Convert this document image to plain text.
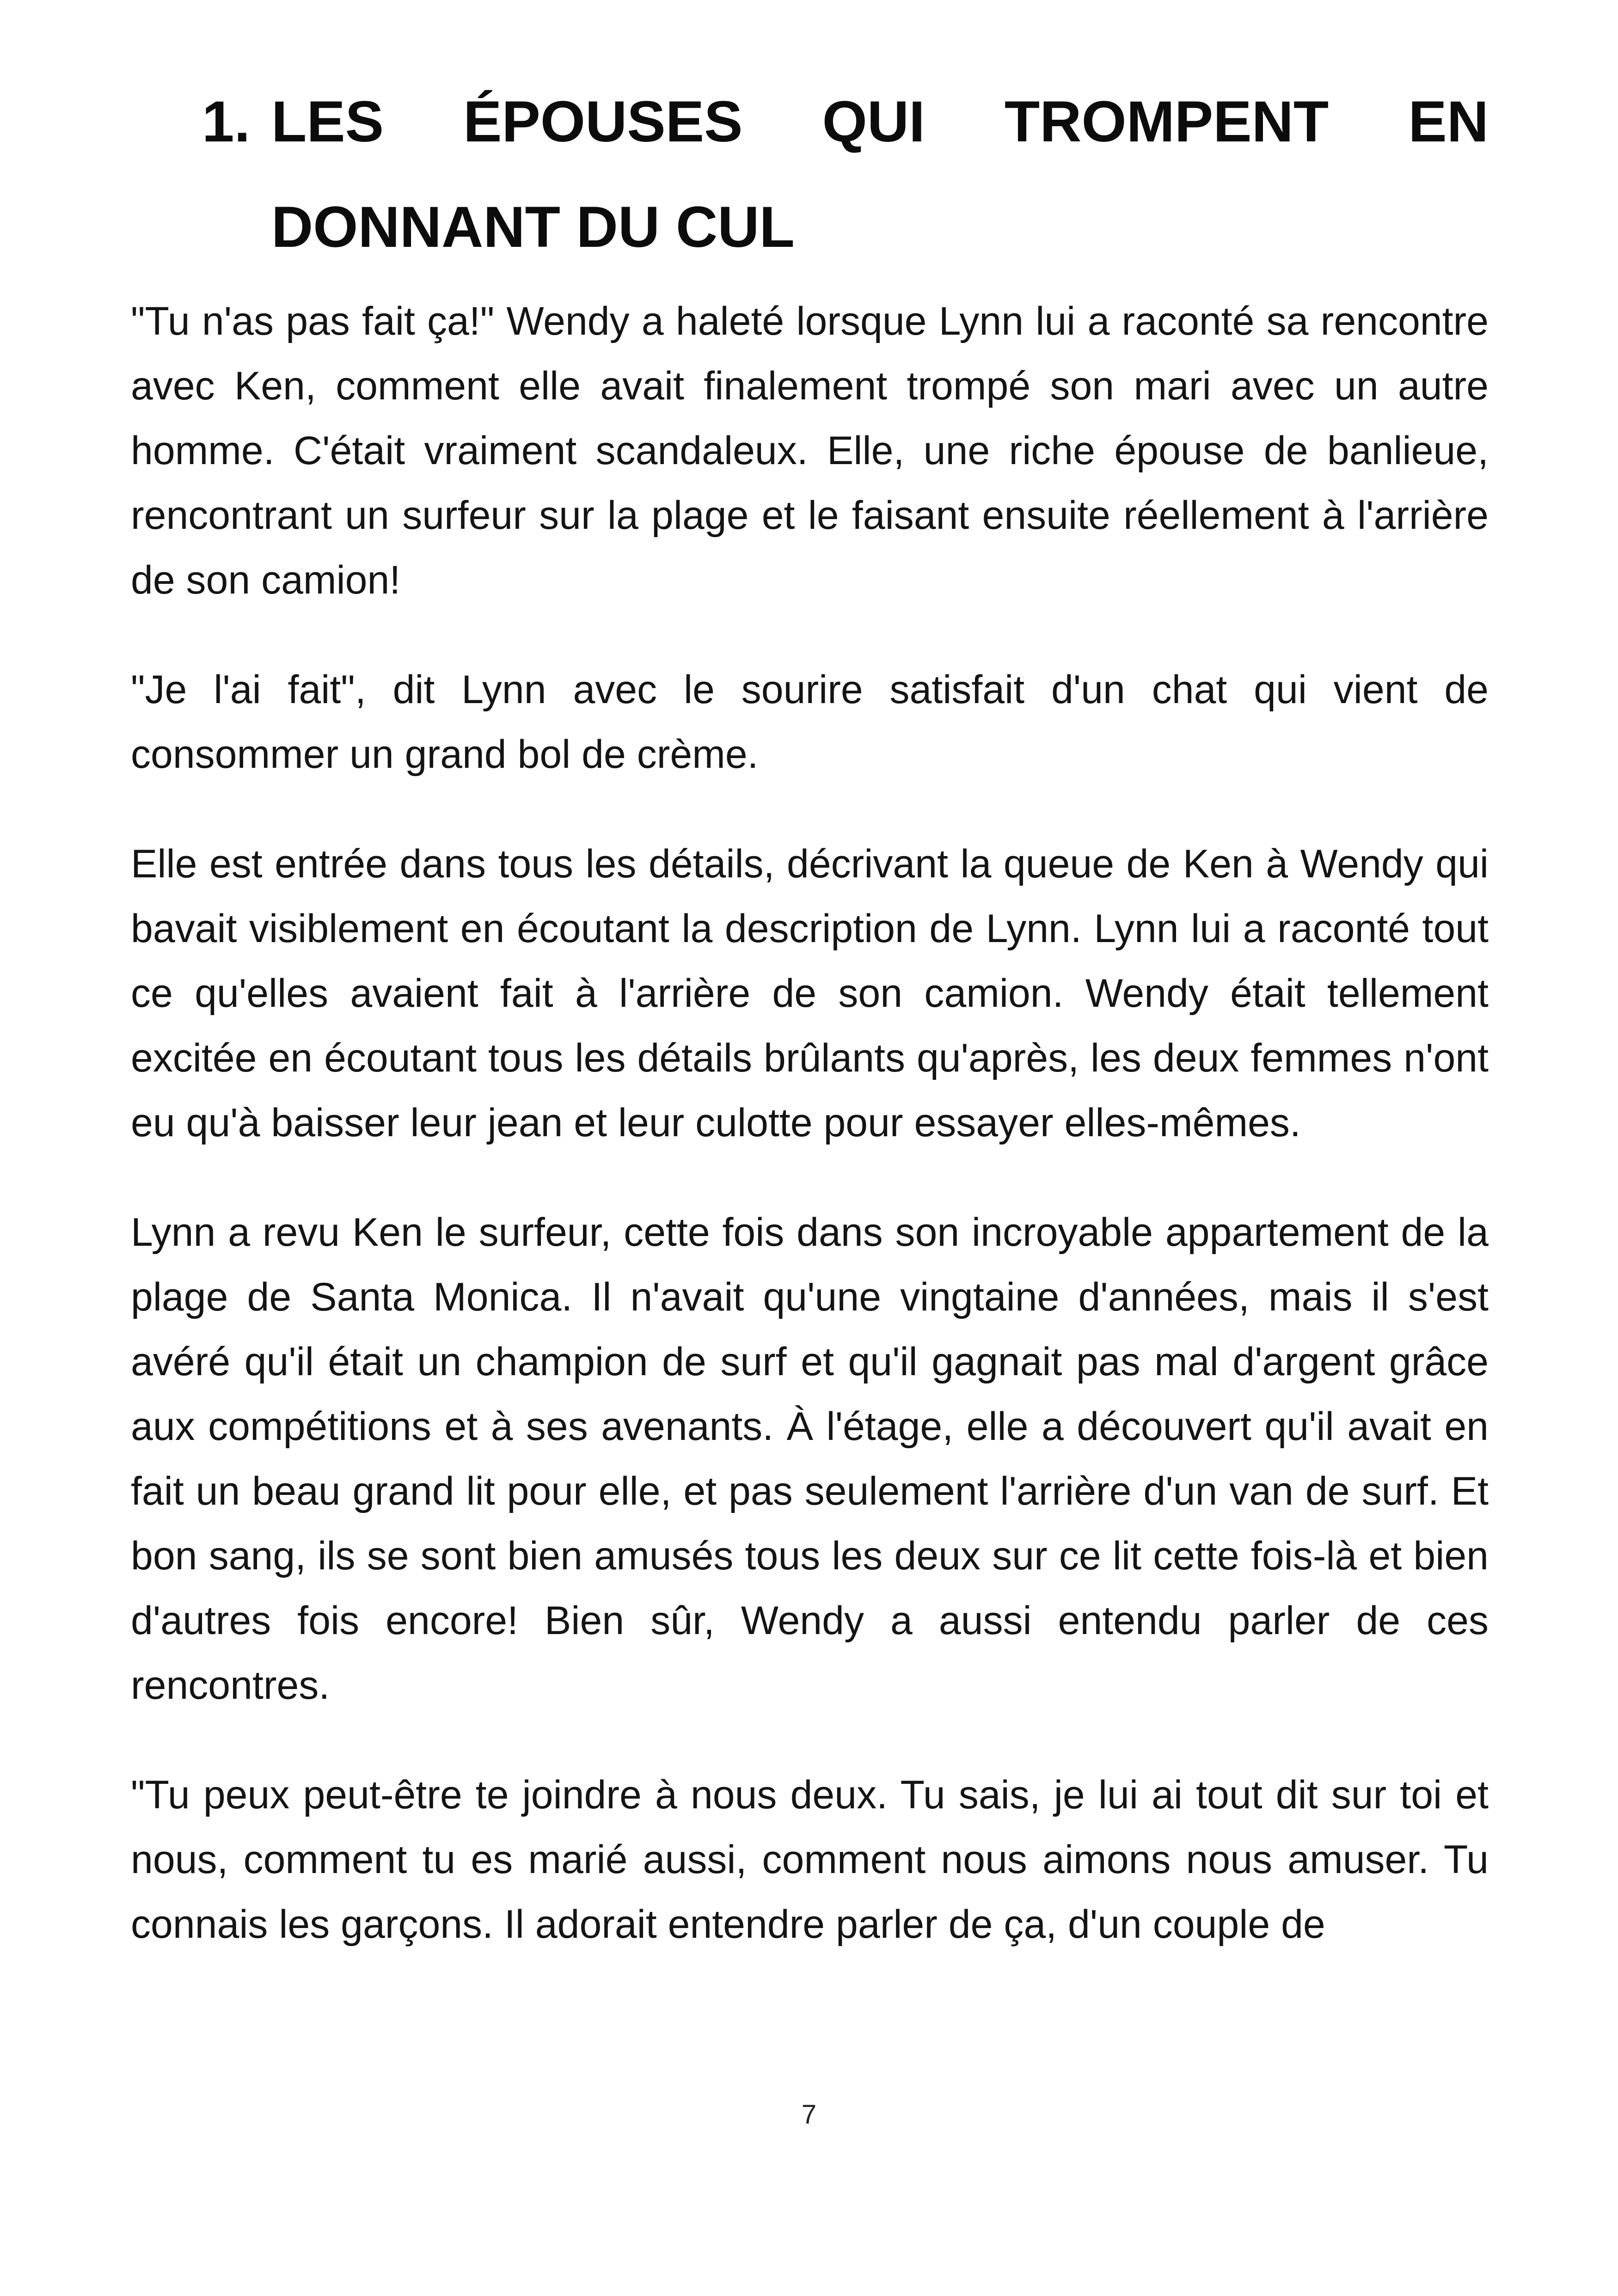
1. LES ÉPOUSES QUI TROMPENT EN DONNANT DU CUL

"Tu n'as pas fait ça!" Wendy a haleté lorsque Lynn lui a raconté sa rencontre avec Ken, comment elle avait finalement trompé son mari avec un autre homme. C'était vraiment scandaleux. Elle, une riche épouse de banlieue, rencontrant un surfeur sur la plage et le faisant ensuite réellement à l'arrière de son camion!

"Je l'ai fait", dit Lynn avec le sourire satisfait d'un chat qui vient de consommer un grand bol de crème.

Elle est entrée dans tous les détails, décrivant la queue de Ken à Wendy qui bavait visiblement en écoutant la description de Lynn. Lynn lui a raconté tout ce qu'elles avaient fait à l'arrière de son camion. Wendy était tellement excitée en écoutant tous les détails brûlants qu'après, les deux femmes n'ont eu qu'à baisser leur jean et leur culotte pour essayer elles-mêmes.

Lynn a revu Ken le surfeur, cette fois dans son incroyable appartement de la plage de Santa Monica. Il n'avait qu'une vingtaine d'années, mais il s'est avéré qu'il était un champion de surf et qu'il gagnait pas mal d'argent grâce aux compétitions et à ses avenants. À l'étage, elle a découvert qu'il avait en fait un beau grand lit pour elle, et pas seulement l'arrière d'un van de surf. Et bon sang, ils se sont bien amusés tous les deux sur ce lit cette fois-là et bien d'autres fois encore! Bien sûr, Wendy a aussi entendu parler de ces rencontres.

"Tu peux peut-être te joindre à nous deux. Tu sais, je lui ai tout dit sur toi et nous, comment tu es marié aussi, comment nous aimons nous amuser. Tu connais les garçons. Il adorait entendre parler de ça, d'un couple de

7
